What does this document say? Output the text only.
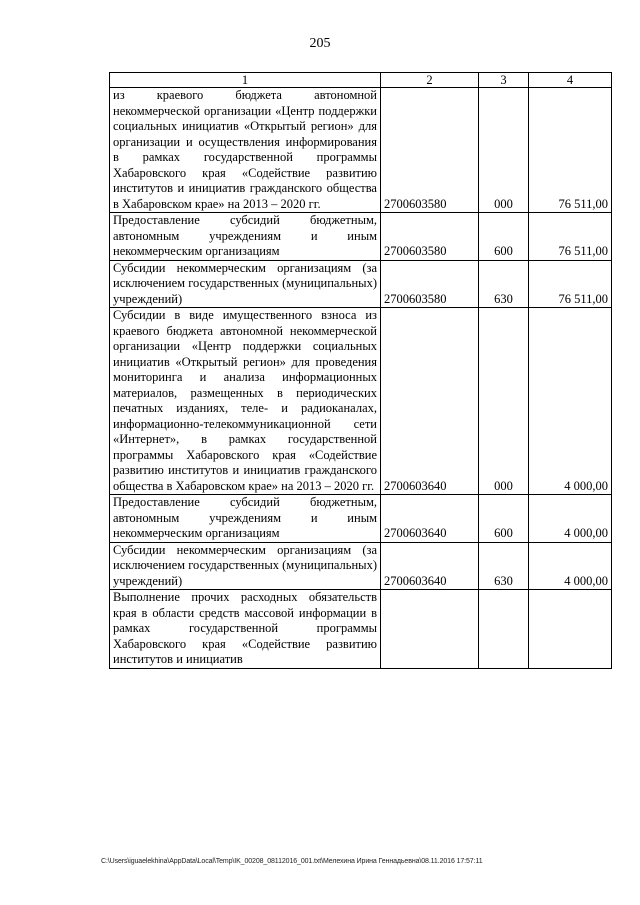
205
1	2	3	4
из краевого бюджета автономной некоммерческой организации «Центр поддержки социальных инициатив «Открытый регион» для организации и осуществления информирования в рамках государственной программы Хабаровского края «Содействие развитию институтов и инициатив гражданского общества в Хабаровском крае» на 2013 – 2020 гг.	2700603580	000	76 511,00
Предоставление субсидий бюджетным, автономным учреждениям и иным некоммерческим организациям	2700603580	600	76 511,00
Субсидии некоммерческим организациям (за исключением государственных (муниципальных) учреждений)	2700603580	630	76 511,00
Субсидии в виде имущественного взноса из краевого бюджета автономной некоммерческой организации «Центр поддержки социальных инициатив «Открытый регион» для проведения мониторинга и анализа информационных материалов, размещенных в периодических печатных изданиях, теле- и радиоканалах, информационно-телекоммуникационной сети «Интернет», в рамках государственной программы Хабаровского края «Содействие развитию институтов и инициатив гражданского общества в Хабаровском крае» на 2013 – 2020 гг.	2700603640	000	4 000,00
Предоставление субсидий бюджетным, автономным учреждениям и иным некоммерческим организациям	2700603640	600	4 000,00
Субсидии некоммерческим организациям (за исключением государственных (муниципальных) учреждений)	2700603640	630	4 000,00
Выполнение прочих расходных обязательств края в области средств массовой информации в рамках государственной программы Хабаровского края «Содействие развитию институтов и инициатив			
C:\Users\iguaelekhina\AppData\Local\Temp\IK_00208_08112016_001.txt\Мелехина Ирина Геннадьевна\08.11.2016 17:57:11
